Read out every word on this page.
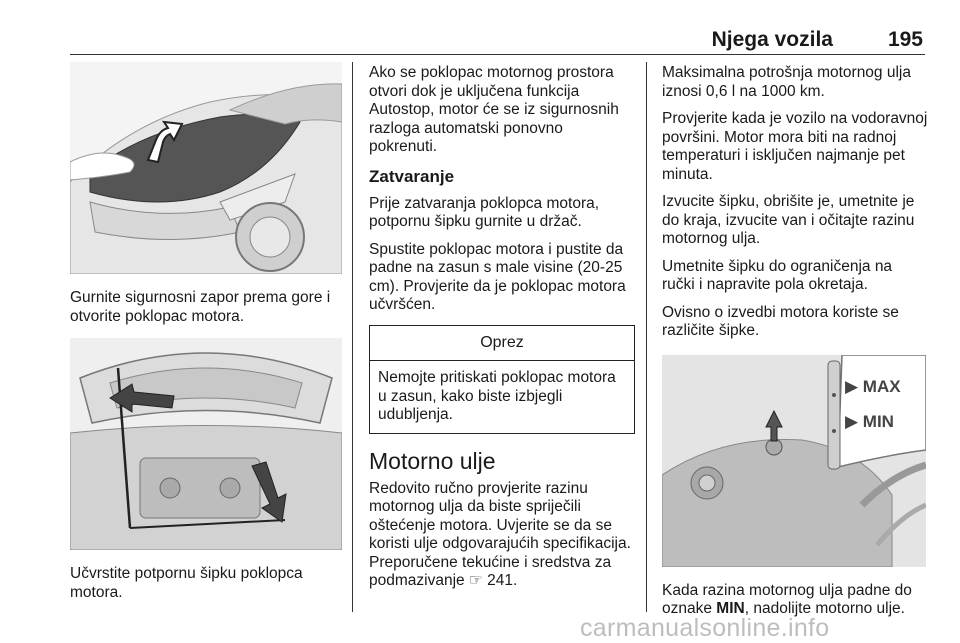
Njega vozila	195

Gurnite sigurnosni zapor prema gore i otvorite poklopac motora.

Učvrstite potpornu šipku poklopca motora.

Ako se poklopac motornog prostora otvori dok je uključena funkcija Autostop, motor će se iz sigurnosnih razloga automatski ponovno pokrenuti.

Zatvaranje

Prije zatvaranja poklopca motora, potpornu šipku gurnite u držač.

Spustite poklopac motora i pustite da padne na zasun s male visine (20-25 cm). Provjerite da je poklopac motora učvršćen.

Oprez
Nemojte pritiskati poklopac motora u zasun, kako biste izbjegli udubljenja.
Motorno ulje

Redovito ručno provjerite razinu motornog ulja da biste spriječili oštećenje motora. Uvjerite se da se koristi ulje odgovarajućih specifikacija. Preporučene tekućine i sredstva za podmazivanje ☞ 241.

Maksimalna potrošnja motornog ulja iznosi 0,6 l na 1000 km.

Provjerite kada je vozilo na vodoravnoj površini. Motor mora biti na radnoj temperaturi i isključen najmanje pet minuta.

Izvucite šipku, obrišite je, umetnite je do kraja, izvucite van i očitajte razinu motornog ulja.

Umetnite šipku do ograničenja na ručki i napravite pola okretaja.

Ovisno o izvedbi motora koriste se različite šipke.

▶ MAX
▶ MIN

Kada razina motornog ulja padne do oznake MIN, nadolijte motorno ulje.

carmanualsonline.info
